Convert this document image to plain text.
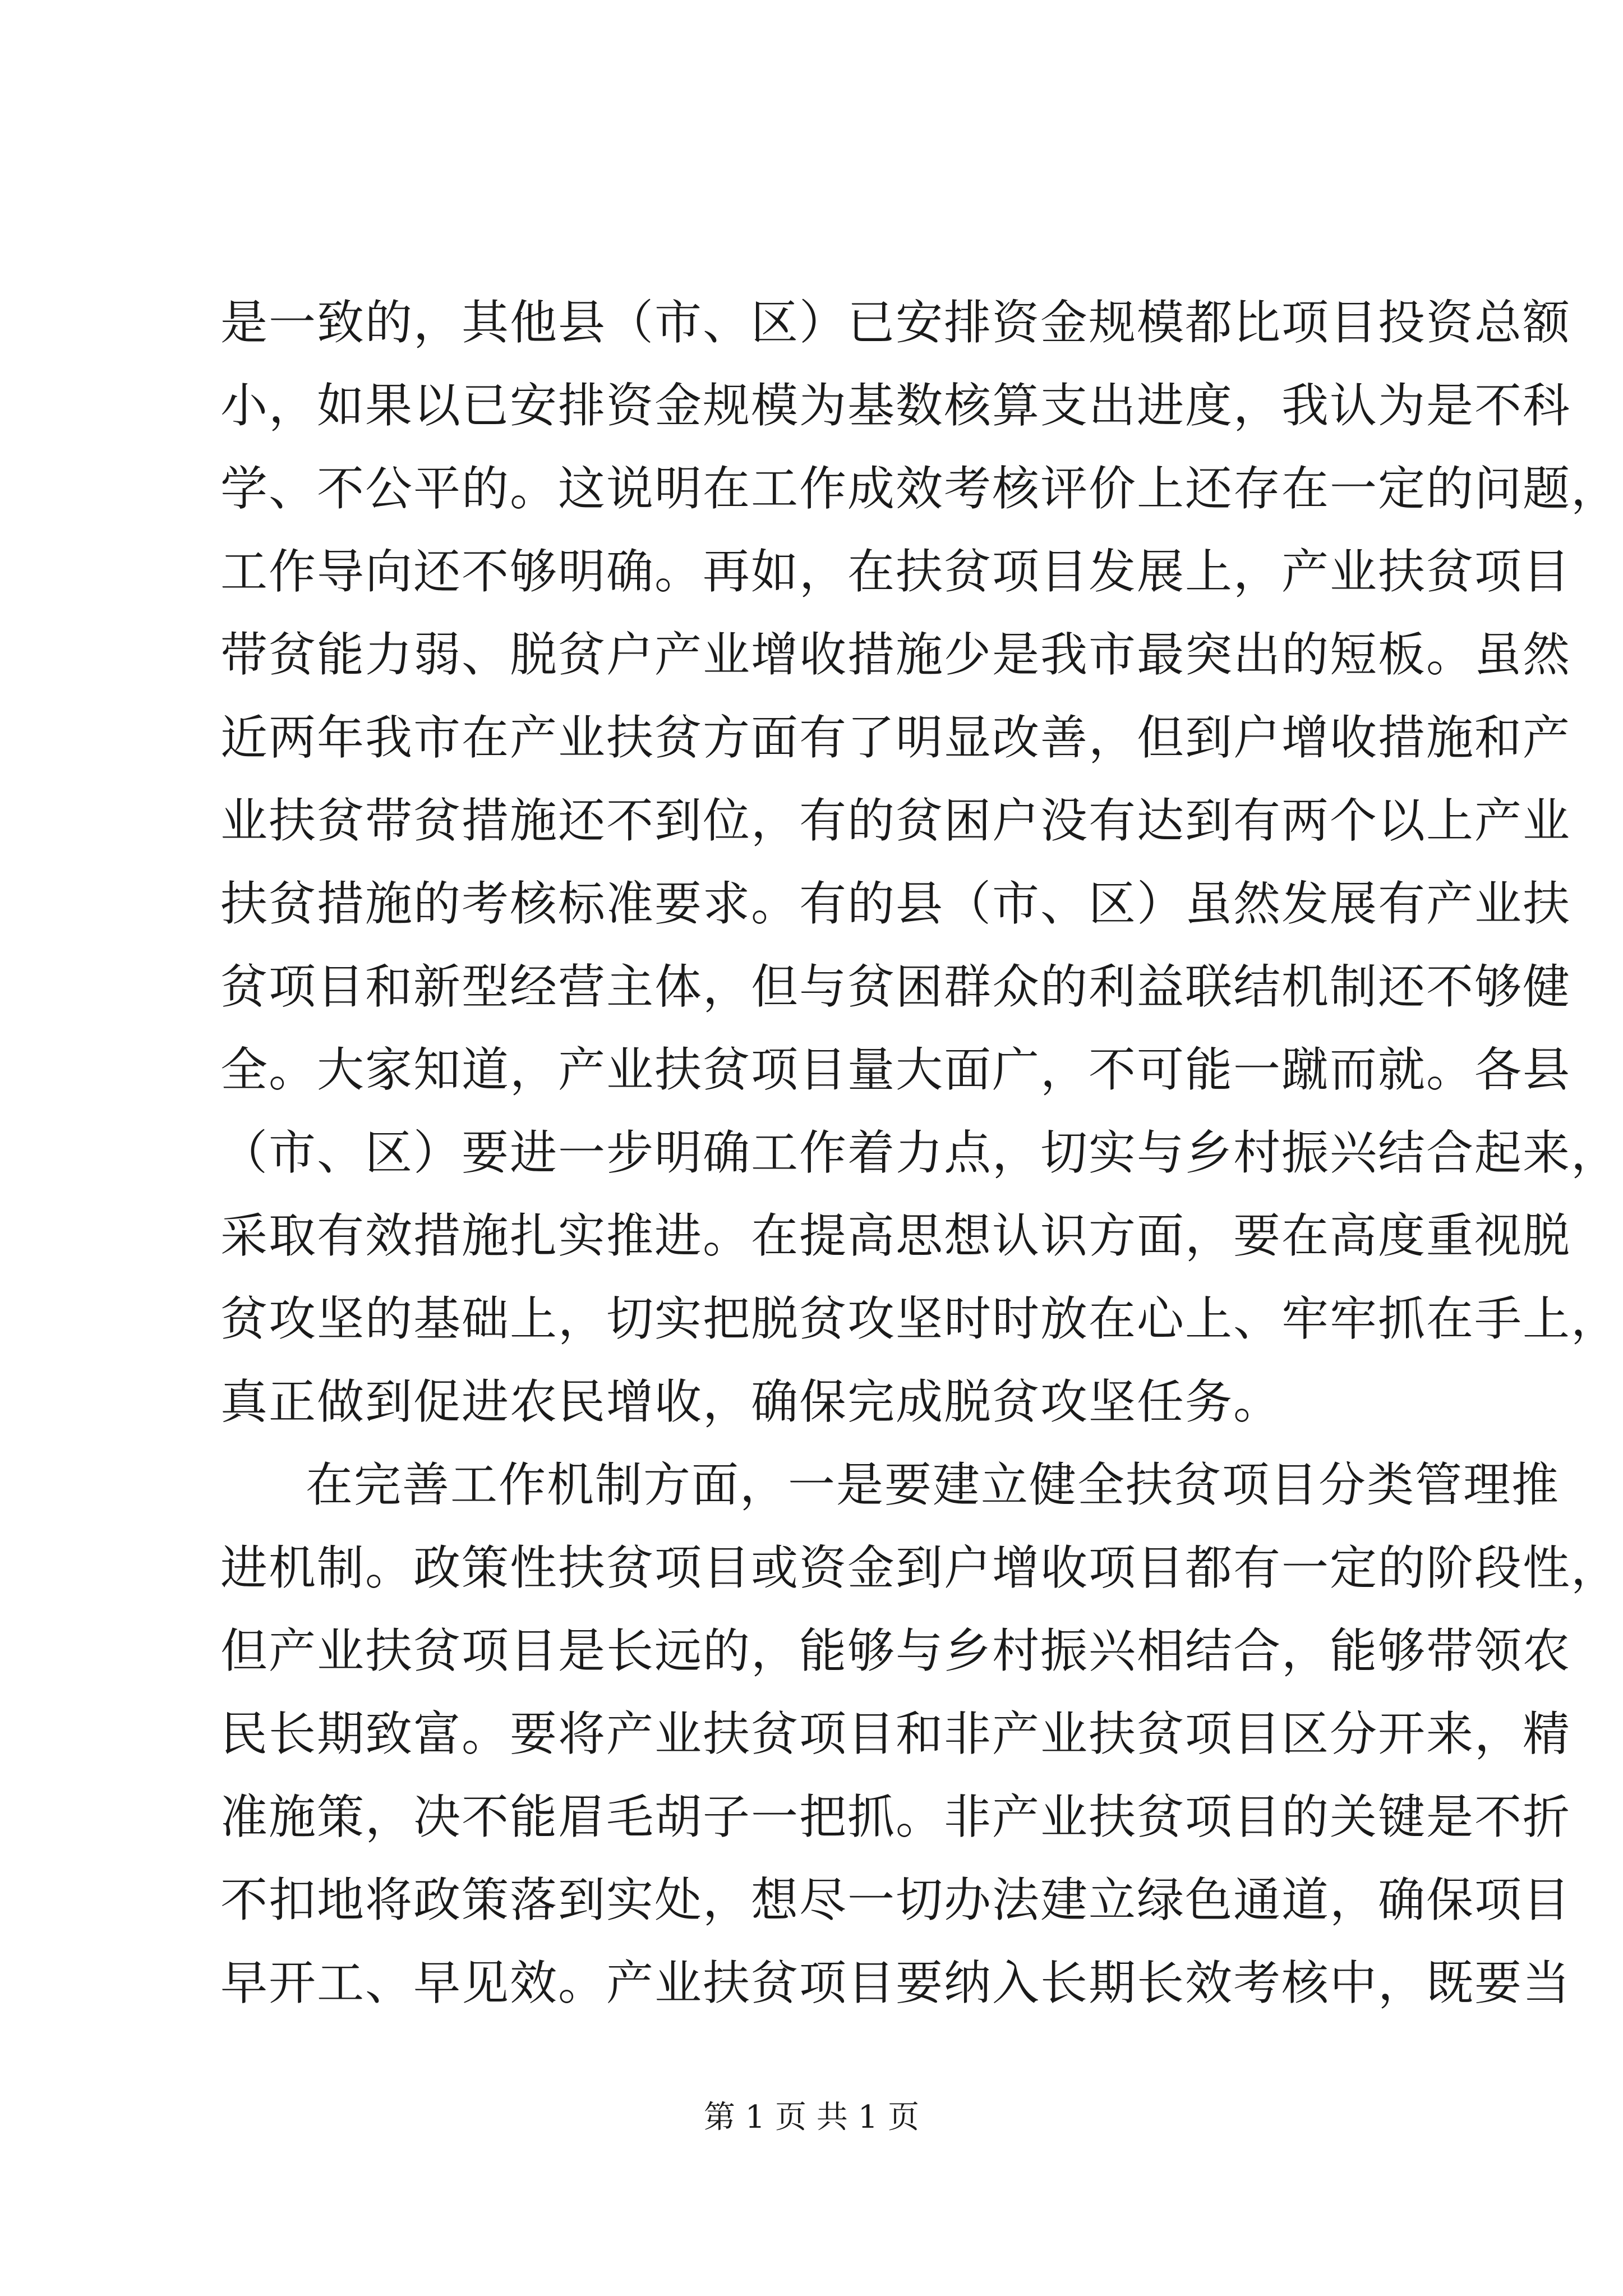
是一致的，其他县（市、区）已安排资金规模都比项目投资总额
小，如果以已安排资金规模为基数核算支出进度，我认为是不科
学、不公平的。这说明在工作成效考核评价上还存在一定的问题，
工作导向还不够明确。再如，在扶贫项目发展上，产业扶贫项目
带贫能力弱、脱贫户产业增收措施少是我市最突出的短板。虽然
近两年我市在产业扶贫方面有了明显改善，但到户增收措施和产
业扶贫带贫措施还不到位，有的贫困户没有达到有两个以上产业
扶贫措施的考核标准要求。有的县（市、区）虽然发展有产业扶
贫项目和新型经营主体，但与贫困群众的利益联结机制还不够健
全。大家知道，产业扶贫项目量大面广，不可能一蹴而就。各县
（市、区）要进一步明确工作着力点，切实与乡村振兴结合起来，
采取有效措施扎实推进。在提高思想认识方面，要在高度重视脱
贫攻坚的基础上，切实把脱贫攻坚时时放在心上、牢牢抓在手上，
真正做到促进农民增收，确保完成脱贫攻坚任务。
在完善工作机制方面，一是要建立健全扶贫项目分类管理推
进机制。政策性扶贫项目或资金到户增收项目都有一定的阶段性，
但产业扶贫项目是长远的，能够与乡村振兴相结合，能够带领农
民长期致富。要将产业扶贫项目和非产业扶贫项目区分开来，精
准施策，决不能眉毛胡子一把抓。非产业扶贫项目的关键是不折
不扣地将政策落到实处，想尽一切办法建立绿色通道，确保项目
早开工、早见效。产业扶贫项目要纳入长期长效考核中，既要当
第 1 页 共 1 页
